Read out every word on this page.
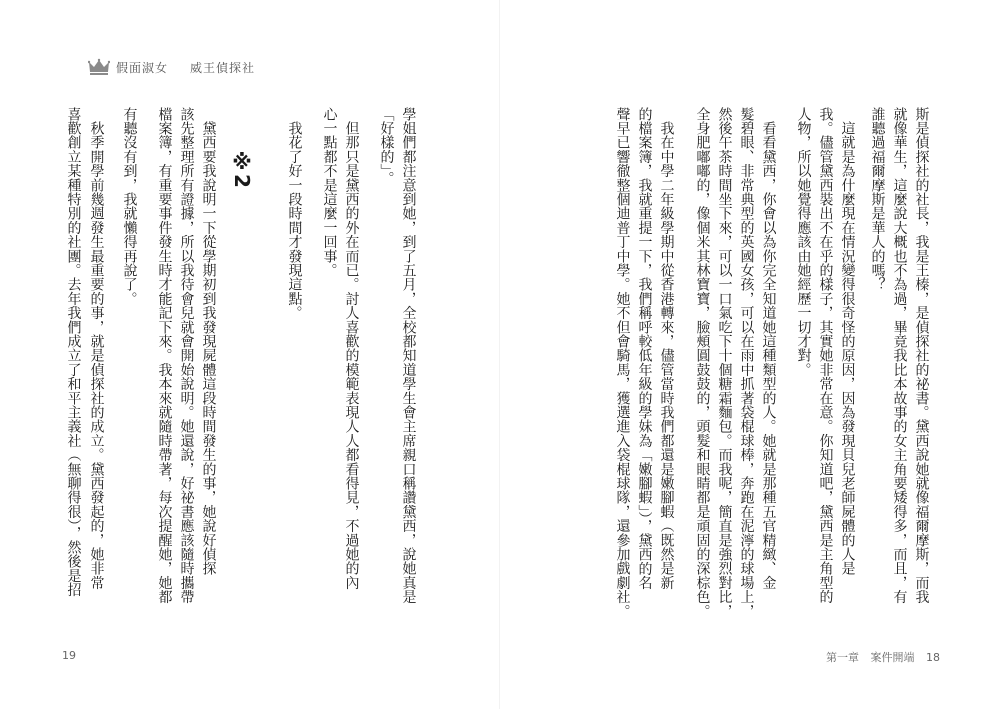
假面淑女 威王偵探社
學姐們都注意到她，到了五月，全校都知道學生會主席親口稱讚黛西，說她真是
「好樣的」。
　但那只是黛西的外在而已。討人喜歡的模範表現人人都看得見，不過她的內
心一點都不是這麼一回事。
　我花了好一段時間才發現這點。
※2
　黛西要我說明一下從學期初到我發現屍體這段時間發生的事，她說好偵探
該先整理所有證據，所以我待會兒就會開始說明。她還說，好祕書應該隨時攜帶
檔案簿，有重要事件發生時才能記下來。我本來就隨時帶著，每次提醒她，她都
有聽沒有到，我就懶得再說了。
　秋季開學前幾週發生最重要的事，就是偵探社的成立。黛西發起的，她非常
喜歡創立某種特別的社團。去年我們成立了和平主義社（無聊得很），然後是招
19
斯是偵探社的社長，我是王榛，是偵探社的祕書。黛西說她就像福爾摩斯，而我
就像華生，這麼說大概也不為過，畢竟我比本故事的女主角要矮得多，而且，有
誰聽過福爾摩斯是華人的嗎？
　這就是為什麼現在情況變得很奇怪的原因，因為發現貝兒老師屍體的人是
我。儘管黛西裝出不在乎的樣子，其實她非常在意。你知道吧，黛西是主角型的
人物，所以她覺得應該由她經歷一切才對。
　看看黛西，你會以為你完全知道她這種類型的人。她就是那種五官精緻、金
髮碧眼、非常典型的英國女孩，可以在雨中抓著袋棍球棒，奔跑在泥濘的球場上，
然後午茶時間坐下來，可以一口氣吃下十個糖霜麵包。而我呢，簡直是強烈對比，
全身肥嘟嘟的，像個米其林寶寶，臉頰圓鼓鼓的，頭髮和眼睛都是頑固的深棕色。
　我在中學二年級學期中從香港轉來，儘管當時我們都還是嫩腳蝦（既然是新
的檔案簿，我就重提一下，我們稱呼較低年級的學妹為「嫩腳蝦」），黛西的名
聲早已響徹整個迪普丁中學。她不但會騎馬，獲選進入袋棍球隊，還參加戲劇社。
第一章 案件開端 18
